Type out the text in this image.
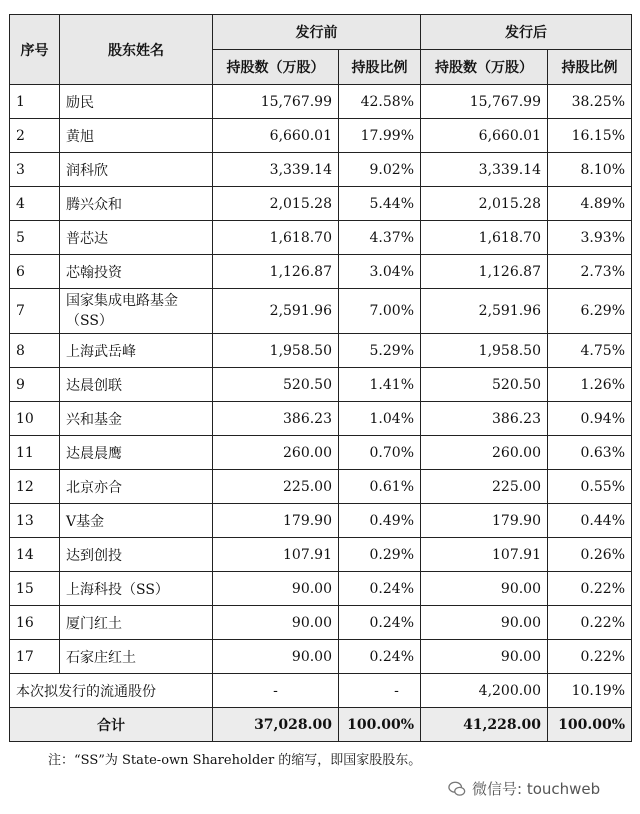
序号	股东姓名	发行前		发行后	
		持股数（万股）	持股比例	持股数（万股）	持股比例
1	励民	15,767.99	42.58%	15,767.99	38.25%
2	黄旭	6,660.01	17.99%	6,660.01	16.15%
3	润科欣	3,339.14	9.02%	3,339.14	8.10%
4	腾兴众和	2,015.28	5.44%	2,015.28	4.89%
5	普芯达	1,618.70	4.37%	1,618.70	3.93%
6	芯翰投资	1,126.87	3.04%	1,126.87	2.73%
7	国家集成电路基金（SS）	2,591.96	7.00%	2,591.96	6.29%
8	上海武岳峰	1,958.50	5.29%	1,958.50	4.75%
9	达晨创联	520.50	1.41%	520.50	1.26%
10	兴和基金	386.23	1.04%	386.23	0.94%
11	达晨晨鹰	260.00	0.70%	260.00	0.63%
12	北京亦合	225.00	0.61%	225.00	0.55%
13	V基金	179.90	0.49%	179.90	0.44%
14	达到创投	107.91	0.29%	107.91	0.26%
15	上海科投（SS）	90.00	0.24%	90.00	0.22%
16	厦门红土	90.00	0.24%	90.00	0.22%
17	石家庄红土	90.00	0.24%	90.00	0.22%
本次拟发行的流通股份		-	-	4,200.00	10.19%
合计		37,028.00	100.00%	41,228.00	100.00%
注：“SS”为 State-own Shareholder 的缩写，即国家股股东。
微信号: touchweb
